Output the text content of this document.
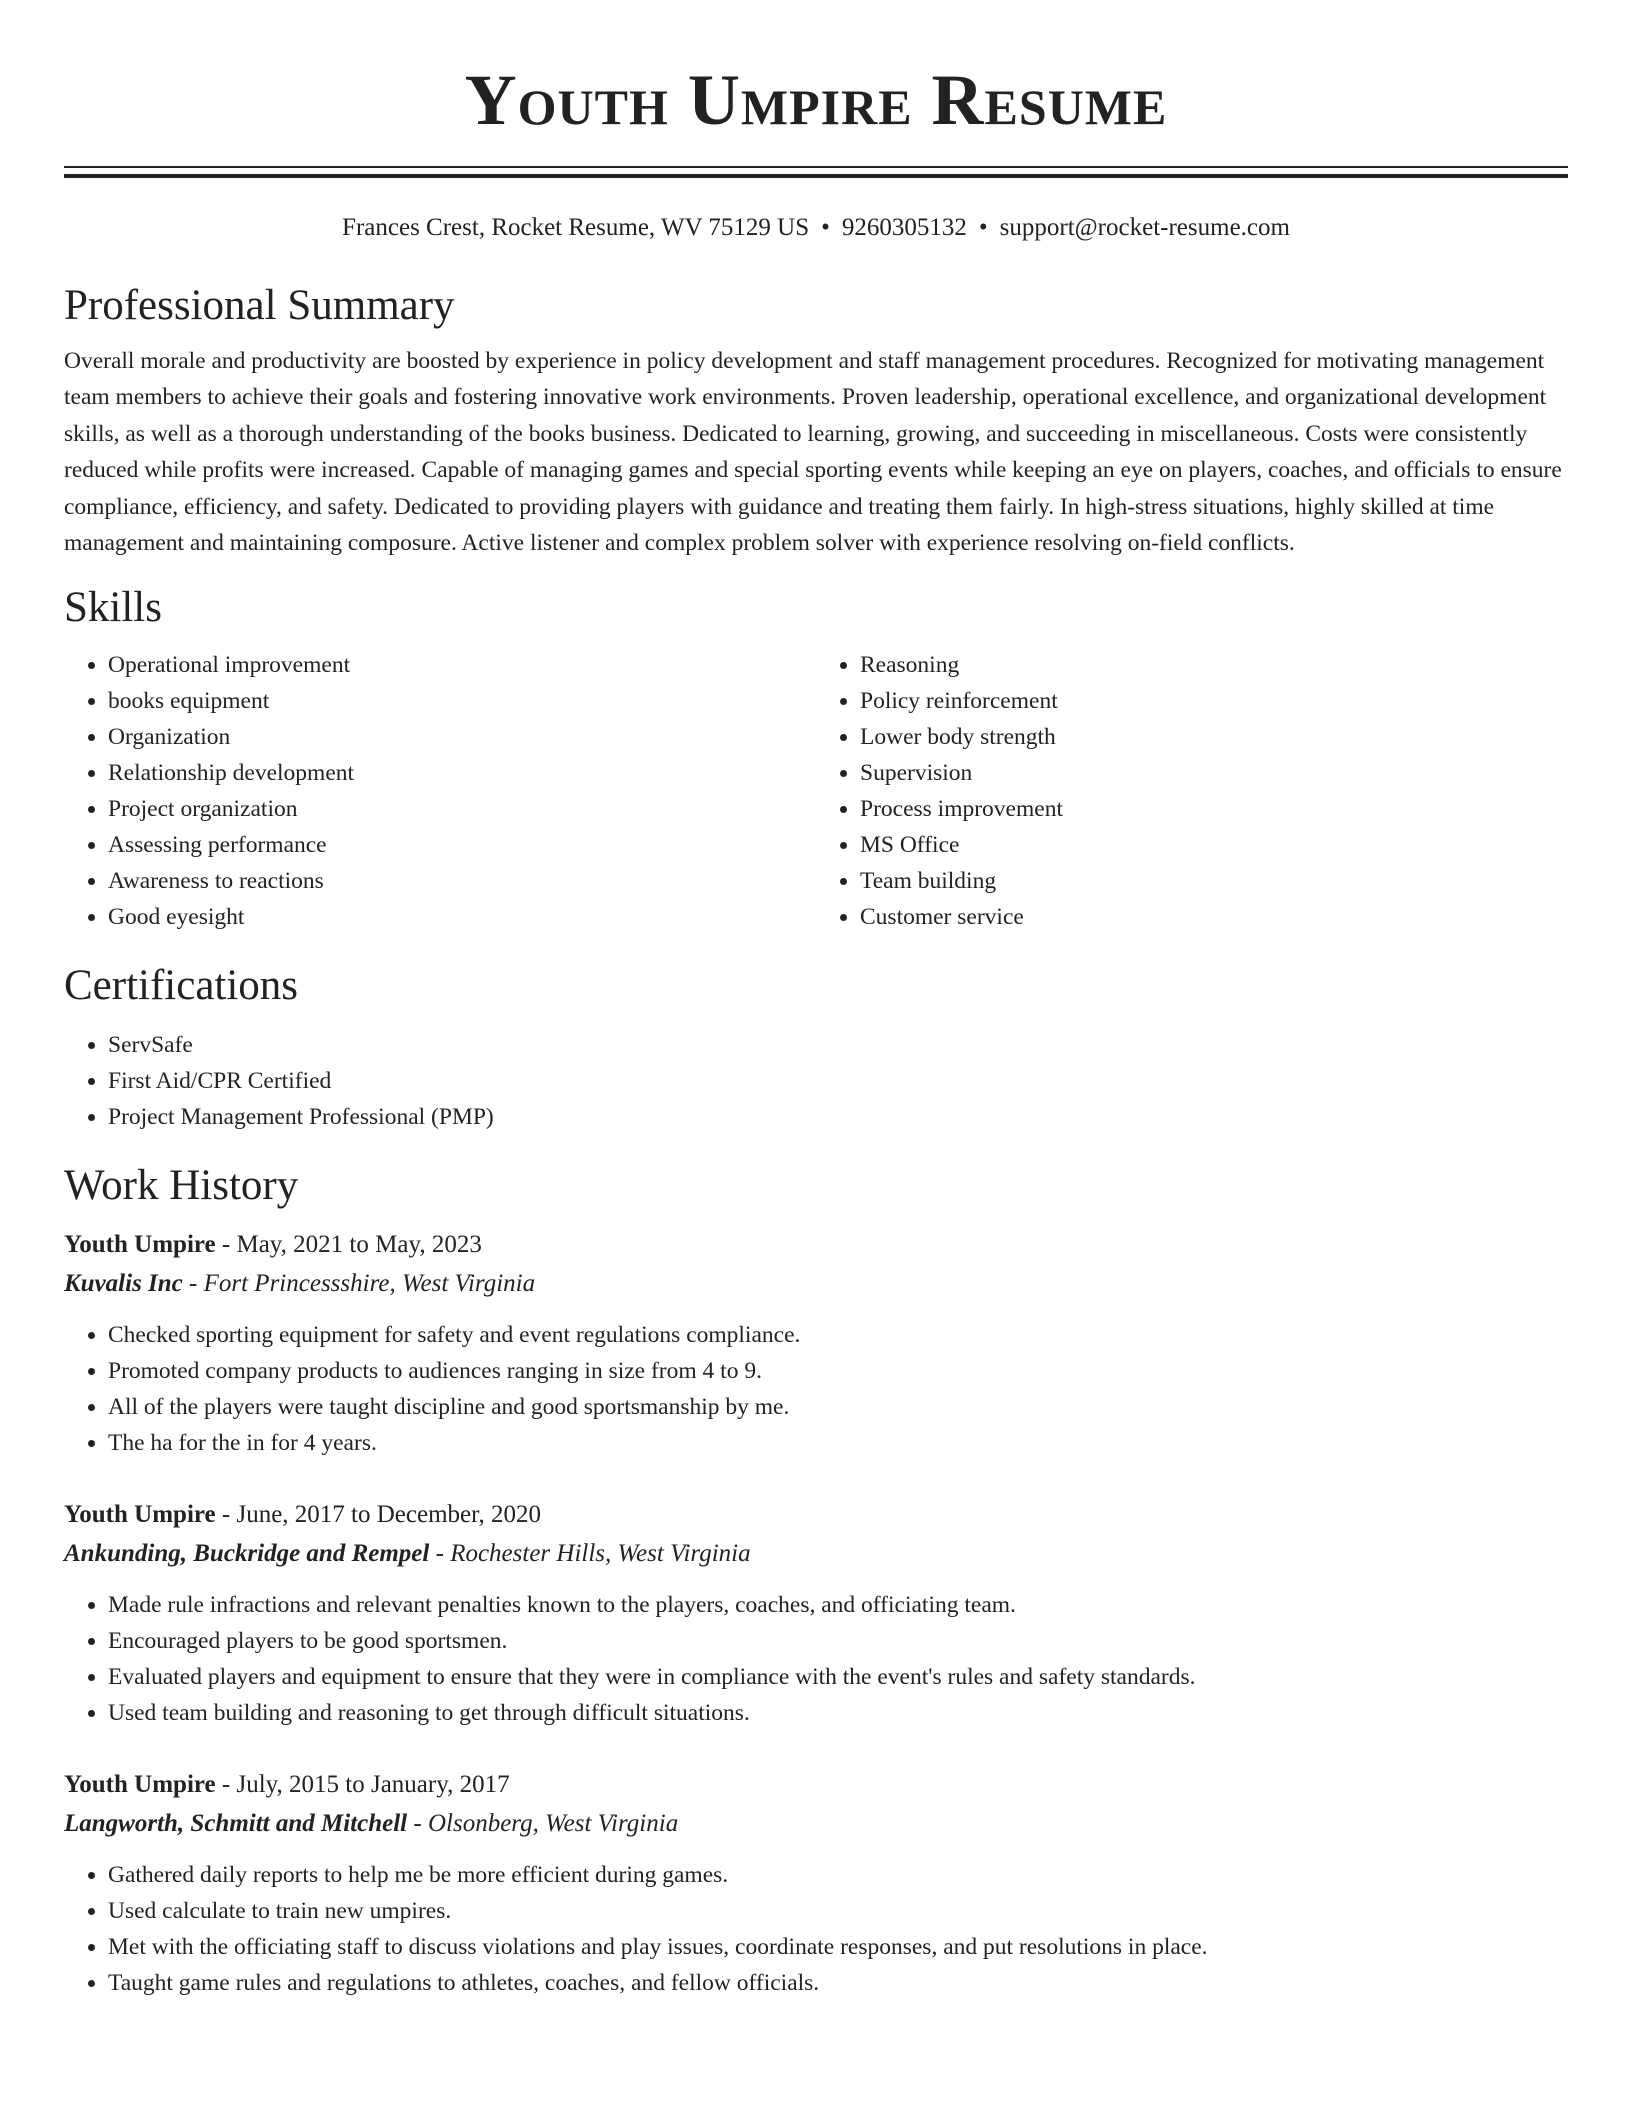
Youth Umpire Resume
Frances Crest, Rocket Resume, WV 75129 US • 9260305132 • support@rocket-resume.com
Professional Summary

Overall morale and productivity are boosted by experience in policy development and staff management procedures. Recognized for motivating management team members to achieve their goals and fostering innovative work environments. Proven leadership, operational excellence, and organizational development skills, as well as a thorough understanding of the books business. Dedicated to learning, growing, and succeeding in miscellaneous. Costs were consistently reduced while profits were increased. Capable of managing games and special sporting events while keeping an eye on players, coaches, and officials to ensure compliance, efficiency, and safety. Dedicated to providing players with guidance and treating them fairly. In high-stress situations, highly skilled at time management and maintaining composure. Active listener and complex problem solver with experience resolving on-field conflicts.

Skills
• Operational improvement
• books equipment
• Organization
• Relationship development
• Project organization
• Assessing performance
• Awareness to reactions
• Good eyesight
• Reasoning
• Policy reinforcement
• Lower body strength
• Supervision
• Process improvement
• MS Office
• Team building
• Customer service
Certifications
• ServSafe
• First Aid/CPR Certified
• Project Management Professional (PMP)
Work History
Youth Umpire - May, 2021 to May, 2023
Kuvalis Inc - Fort Princessshire, West Virginia
• Checked sporting equipment for safety and event regulations compliance.
• Promoted company products to audiences ranging in size from 4 to 9.
• All of the players were taught discipline and good sportsmanship by me.
• The ha for the in for 4 years.
Youth Umpire - June, 2017 to December, 2020
Ankunding, Buckridge and Rempel - Rochester Hills, West Virginia
• Made rule infractions and relevant penalties known to the players, coaches, and officiating team.
• Encouraged players to be good sportsmen.
• Evaluated players and equipment to ensure that they were in compliance with the event's rules and safety standards.
• Used team building and reasoning to get through difficult situations.
Youth Umpire - July, 2015 to January, 2017
Langworth, Schmitt and Mitchell - Olsonberg, West Virginia
• Gathered daily reports to help me be more efficient during games.
• Used calculate to train new umpires.
• Met with the officiating staff to discuss violations and play issues, coordinate responses, and put resolutions in place.
• Taught game rules and regulations to athletes, coaches, and fellow officials.
